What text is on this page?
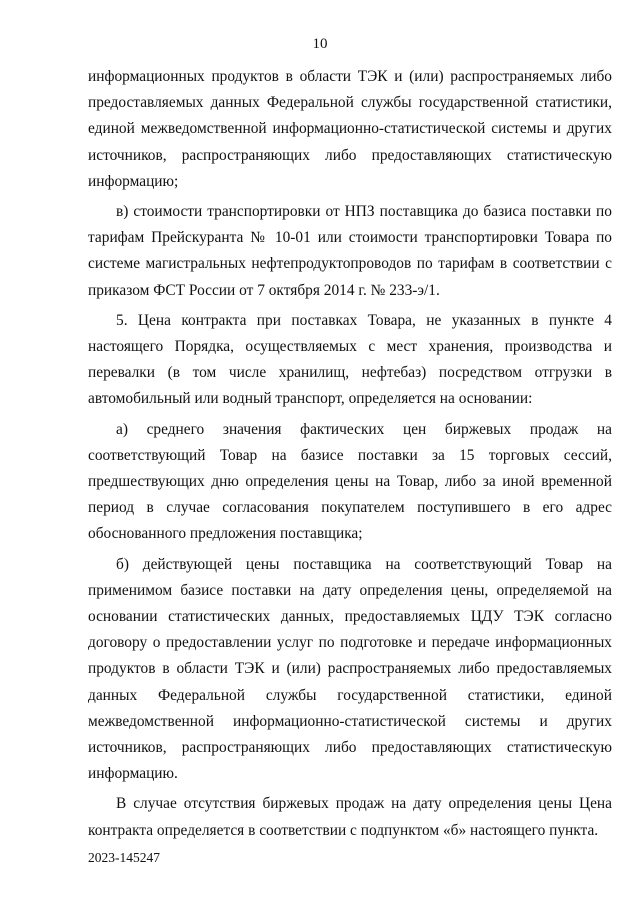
10

информационных продуктов в области ТЭК и (или) распространяемых либо предоставляемых данных Федеральной службы государственной статистики, единой межведомственной информационно-статистической системы и других источников, распространяющих либо предоставляющих статистическую информацию;

в) стоимости транспортировки от НПЗ поставщика до базиса поставки по тарифам Прейскуранта № 10-01 или стоимости транспортировки Товара по системе магистральных нефтепродуктопроводов по тарифам в соответствии с приказом ФСТ России от 7 октября 2014 г. № 233-э/1.

5. Цена контракта при поставках Товара, не указанных в пункте 4 настоящего Порядка, осуществляемых с мест хранения, производства и перевалки (в том числе хранилищ, нефтебаз) посредством отгрузки в автомобильный или водный транспорт, определяется на основании:

а) среднего значения фактических цен биржевых продаж на соответствующий Товар на базисе поставки за 15 торговых сессий, предшествующих дню определения цены на Товар, либо за иной временной период в случае согласования покупателем поступившего в его адрес обоснованного предложения поставщика;

б) действующей цены поставщика на соответствующий Товар на применимом базисе поставки на дату определения цены, определяемой на основании статистических данных, предоставляемых ЦДУ ТЭК согласно договору о предоставлении услуг по подготовке и передаче информационных продуктов в области ТЭК и (или) распространяемых либо предоставляемых данных Федеральной службы государственной статистики, единой межведомственной информационно-статистической системы и других источников, распространяющих либо предоставляющих статистическую информацию.

В случае отсутствия биржевых продаж на дату определения цены Цена контракта определяется в соответствии с подпунктом «б» настоящего пункта.

2023-145247
